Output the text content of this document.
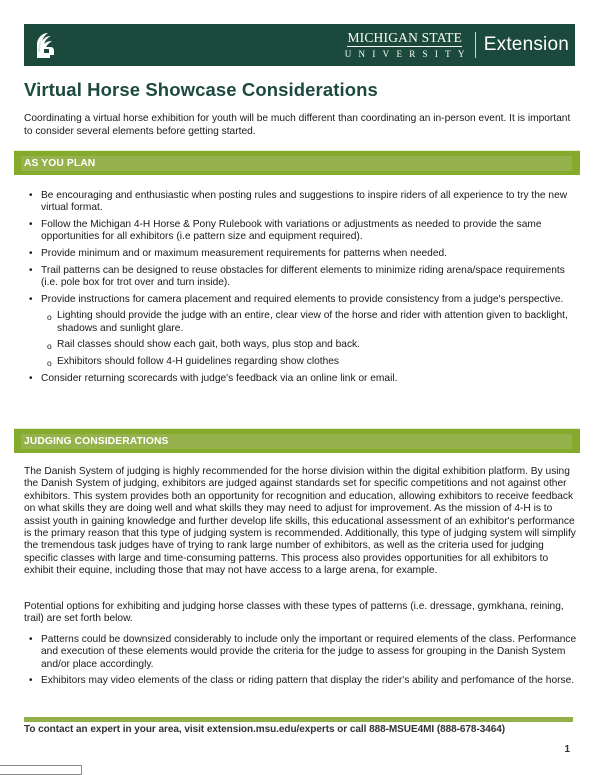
MICHIGAN STATE
UNIVERSITY Extension
Virtual Horse Showcase Considerations

Coordinating a virtual horse exhibition for youth will be much different than coordinating an in-person event. It is important to consider several elements before getting started.

AS YOU PLAN
• Be encouraging and enthusiastic when posting rules and suggestions to inspire riders of all experience to try the new virtual format.
• Follow the Michigan 4-H Horse & Pony Rulebook with variations or adjustments as needed to provide the same opportunities for all exhibitors (i.e pattern size and equipment required).
• Provide minimum and or maximum measurement requirements for patterns when needed.
• Trail patterns can be designed to reuse obstacles for different elements to minimize riding arena/space requirements (i.e. pole box for trot over and turn inside).
• Provide instructions for camera placement and required elements to provide consistency from a judge's perspective.
o Lighting should provide the judge with an entire, clear view of the horse and rider with attention given to backlight, shadows and sunlight glare.
o Rail classes should show each gait, both ways, plus stop and back.
o Exhibitors should follow 4-H guidelines regarding show clothes
• Consider returning scorecards with judge's feedback via an online link or email.
JUDGING CONSIDERATIONS

The Danish System of judging is highly recommended for the horse division within the digital exhibition platform. By using the Danish System of judging, exhibitors are judged against standards set for specific competitions and not against other exhibitors. This system provides both an opportunity for recognition and education, allowing exhibitors to receive feedback on what skills they are doing well and what skills they may need to adjust for improvement. As the mission of 4-H is to assist youth in gaining knowledge and further develop life skills, this educational assessment of an exhibitor's performance is the primary reason that this type of judging system is recommended. Additionally, this type of judging system will simplify the tremendous task judges have of trying to rank large number of exhibitors, as well as the criteria used for judging specific classes with large and time-consuming patterns. This process also provides opportunities for all exhibitors to exhibit their equine, including those that may not have access to a large arena, for example.

Potential options for exhibiting and judging horse classes with these types of patterns (i.e. dressage, gymkhana, reining, trail) are set forth below.

• Patterns could be downsized considerably to include only the important or required elements of the class. Performance and execution of these elements would provide the criteria for the judge to assess for grouping in the Danish System and/or place accordingly.
• Exhibitors may video elements of the class or riding pattern that display the rider's ability and perfomance of the horse.
To contact an expert in your area, visit extension.msu.edu/experts or call 888-MSUE4MI (888-678-3464)
1
